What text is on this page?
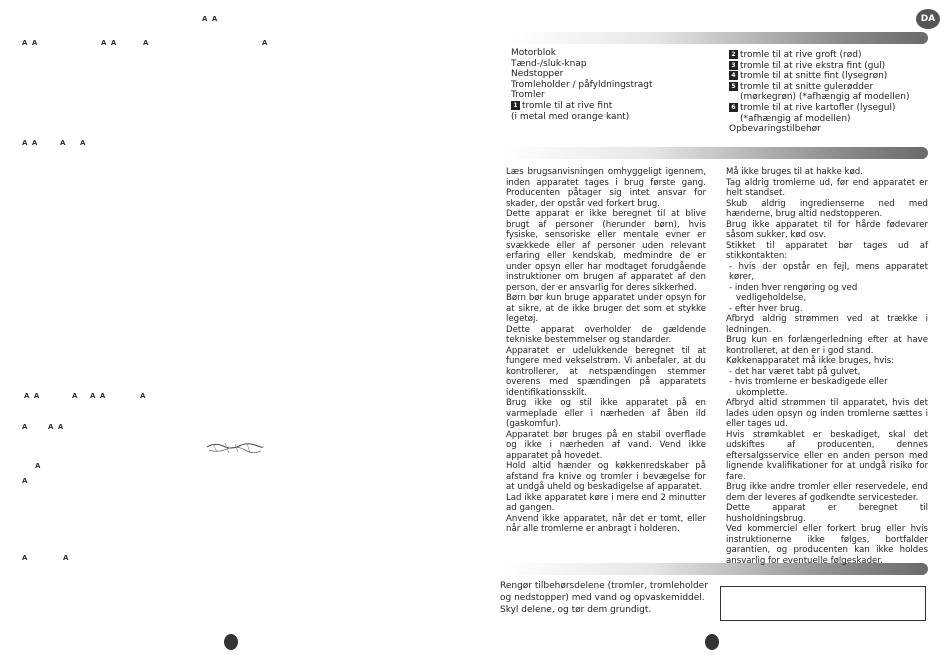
A A
A A	A A	A	A
A A	A A
A A	A A A	A
A	A A
A
A
A	A
DA
Motorblok
Tænd-/sluk-knap
Nedstopper
Tromleholder / påfyldningstragt
Tromler
1 tromle til at rive fint
(i metal med orange kant)
2 tromle til at rive groft (rød)
3 tromle til at rive ekstra fint (gul)
4 tromle til at snitte fint (lysegrøn)
5 tromle til at snitte gulerødder
(mørkegrøn) (*afhængig af modellen)
6 tromle til at rive kartofler (lysegul)
(*afhængig af modellen)
Opbevaringstilbehør

Læs brugsanvisningen omhyggeligt igennem, inden apparatet tages i brug første gang. Producenten påtager sig intet ansvar for skader, der opstår ved forkert brug.

Dette apparat er ikke beregnet til at blive brugt af personer (herunder børn), hvis fysiske, sensoriske eller mentale evner er svækkede eller af personer uden relevant erfaring eller kendskab, medmindre de er under opsyn eller har modtaget forudgående instruktioner om brugen af apparatet af den person, der er ansvarlig for deres sikkerhed.

Børn bør kun bruge apparatet under opsyn for at sikre, at de ikke bruger det som et stykke legetøj.

Dette apparat overholder de gældende tekniske bestemmelser og standarder.

Apparatet er udelukkende beregnet til at fungere med vekselstrøm. Vi anbefaler, at du kontrollerer, at netspændingen stemmer overens med spændingen på apparatets identifikationsskilt.

Brug ikke og stil ikke apparatet på en varmeplade eller i nærheden af åben ild (gaskomfur).

Apparatet bør bruges på en stabil overflade og ikke i nærheden af vand. Vend ikke apparatet på hovedet.

Hold altid hænder og køkkenredskaber på afstand fra knive og tromler i bevægelse for at undgå uheld og beskadigelse af apparatet.

Lad ikke apparatet køre i mere end 2 minutter ad gangen.

Anvend ikke apparatet, når det er tomt, eller når alle tromlerne er anbragt i holderen.

Må ikke bruges til at hakke kød.

Tag aldrig tromlerne ud, før end apparatet er helt standset.

Skub aldrig ingredienserne ned med hænderne, brug altid nedstopperen.

Brug ikke apparatet til for hårde fødevarer såsom sukker, kød osv.

Stikket til apparatet bør tages ud af stikkontakten:

- hvis der opstår en fejl, mens apparatet kører,

- inden hver rengøring og ved

vedligeholdelse,

- efter hver brug.

Afbryd aldrig strømmen ved at trække i ledningen.

Brug kun en forlængerledning efter at have kontrolleret, at den er i god stand.

Køkkenapparatet må ikke bruges, hvis:

- det har været tabt på gulvet,

- hvis tromlerne er beskadigede eller

ukomplette.

Afbryd altid strømmen til apparatet, hvis det lades uden opsyn og inden tromlerne sættes i eller tages ud.

Hvis strømkablet er beskadiget, skal det udskiftes af producenten, dennes eftersalgsservice eller en anden person med lignende kvalifikationer for at undgå risiko for fare.

Brug ikke andre tromler eller reservedele, end dem der leveres af godkendte servicesteder.

Dette apparat er beregnet til husholdningsbrug.

Ved kommerciel eller forkert brug eller hvis instruktionerne ikke følges, bortfalder garantien, og producenten kan ikke holdes ansvarlig for eventuelle følgeskader.

Rengør tilbehørsdelene (tromler, tromleholder og nedstopper) med vand og opvaskemiddel. Skyl delene, og tør dem grundigt.
